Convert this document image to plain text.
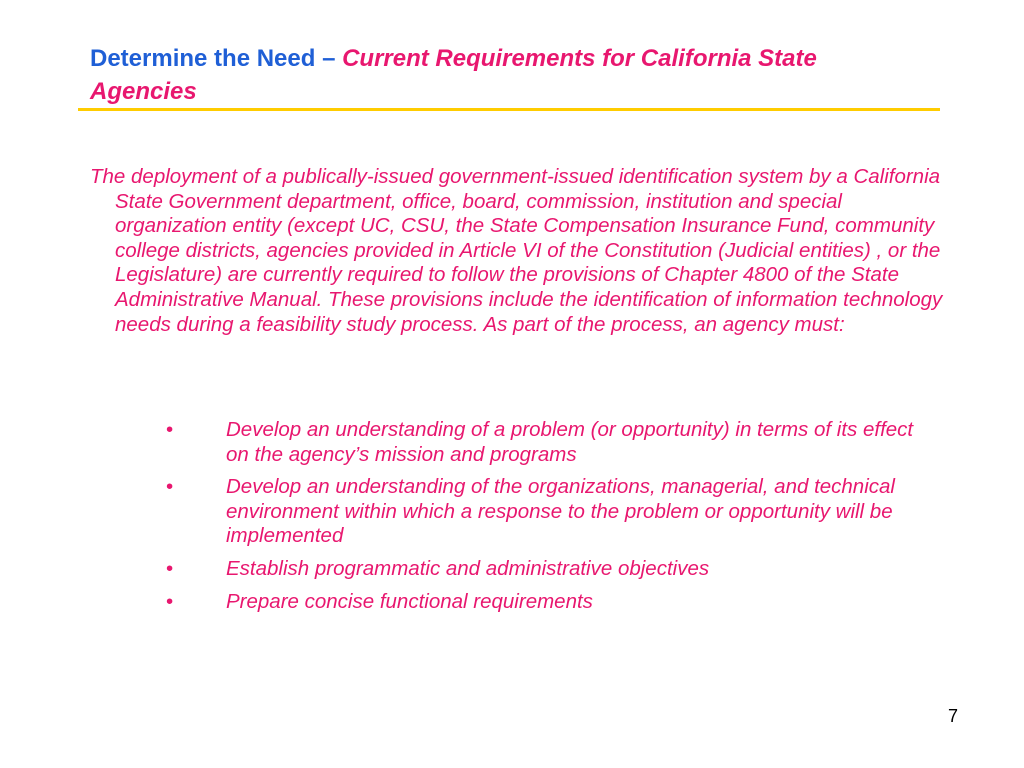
Determine the Need – Current Requirements for California State Agencies

The deployment of a publically-issued government-issued identification system by a California State Government department, office, board, commission, institution and special organization entity (except UC, CSU, the State Compensation Insurance Fund, community college districts, agencies provided in Article VI of the Constitution (Judicial entities) , or the Legislature) are currently required to follow the provisions of Chapter 4800 of the State Administrative Manual. These provisions include the identification of information technology needs during a feasibility study process. As part of the process, an agency must:

•	Develop an understanding of a problem (or opportunity) in terms of its effect on the agency’s mission and programs
•	Develop an understanding of the organizations, managerial, and technical environment within which a response to the problem or opportunity will be implemented
•	Establish programmatic and administrative objectives
•	Prepare concise functional requirements
7
